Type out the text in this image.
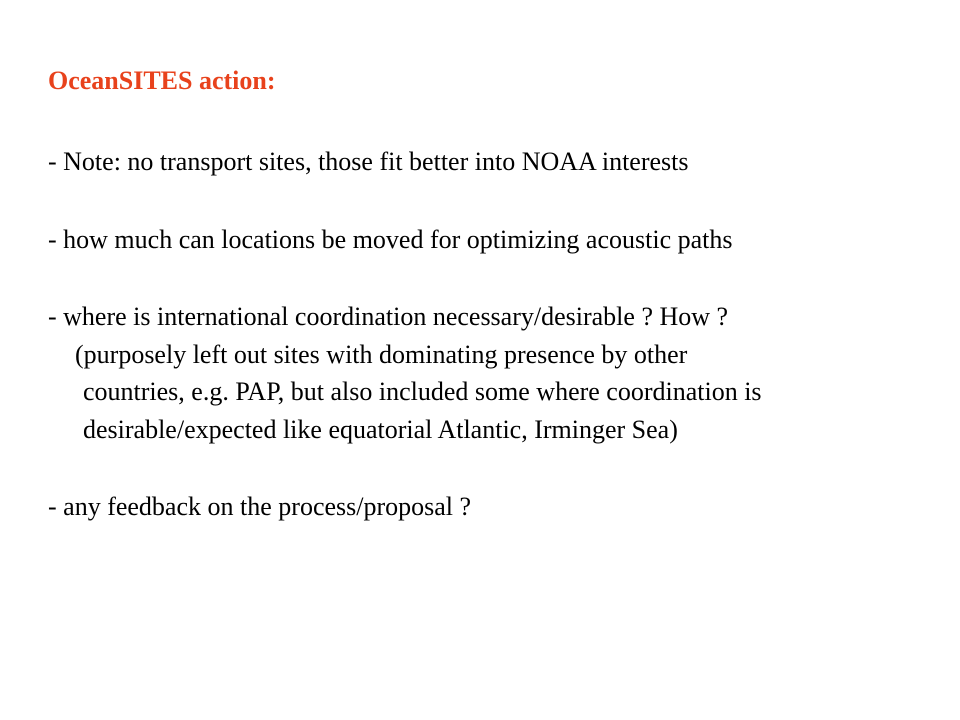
OceanSITES action:

- Note: no transport sites, those fit better into NOAA interests

- how much can locations be moved for optimizing acoustic paths

- where is international coordination necessary/desirable ? How ?

(purposely left out sites with dominating presence by other

countries, e.g. PAP, but also included some where coordination is

desirable/expected like equatorial Atlantic, Irminger Sea)

- any feedback on the process/proposal ?
